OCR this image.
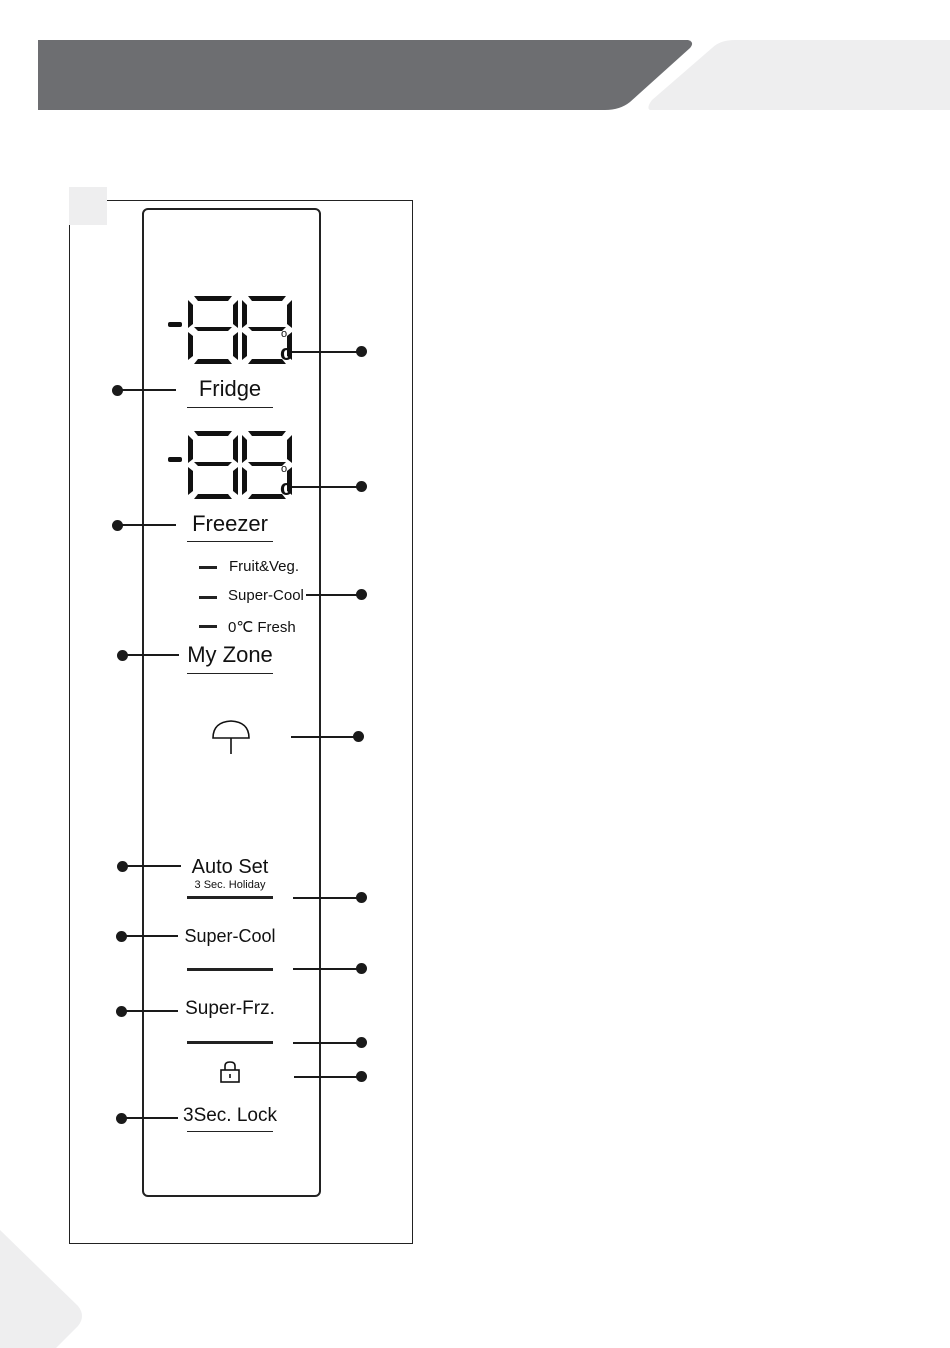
c
o
Fridge
c
o
Freezer
Fruit&Veg.
Super-Cool
0℃ Fresh
My Zone
Auto Set
3 Sec. Holiday
Super-Cool
Super-Frz.
3Sec. Lock
